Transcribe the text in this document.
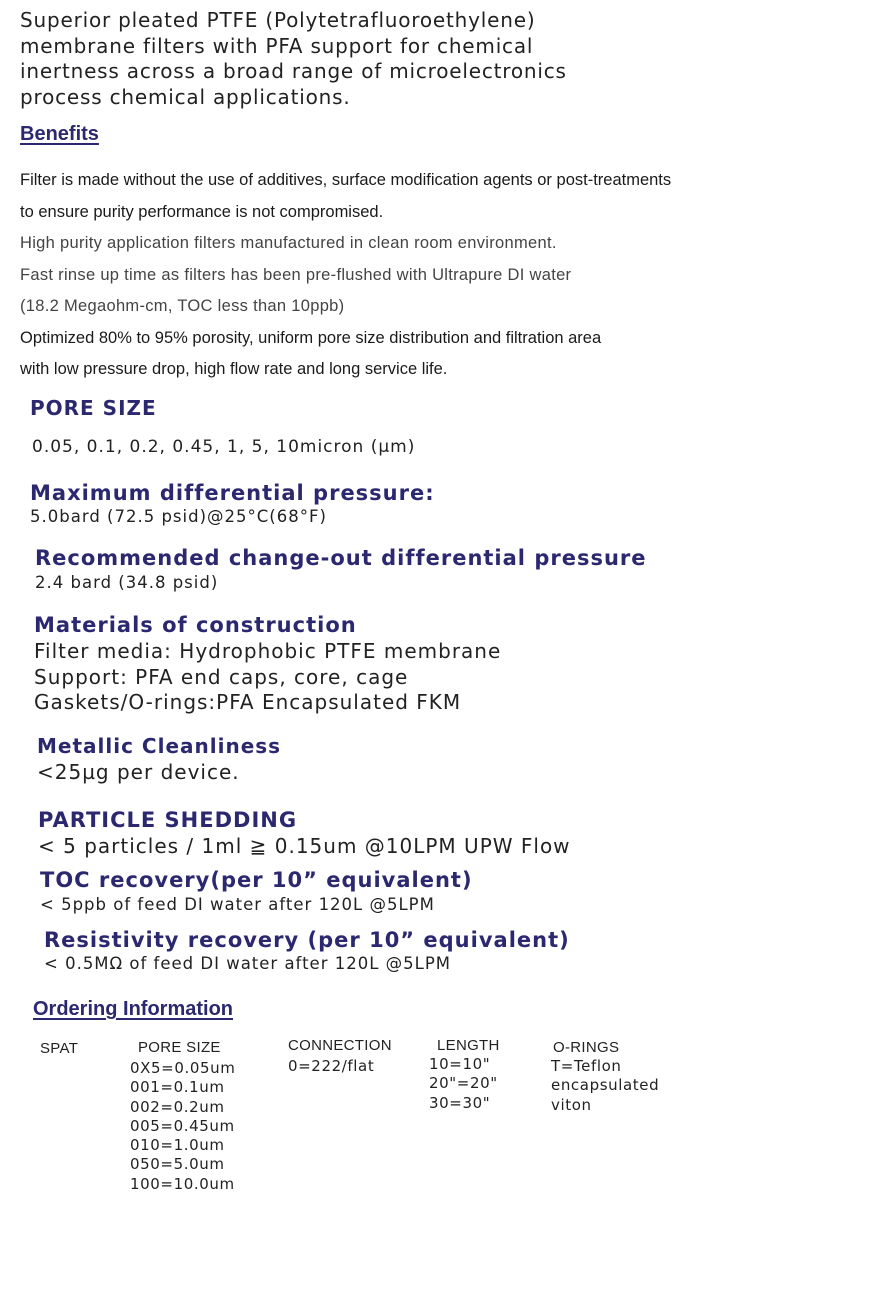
Superior pleated PTFE (Polytetrafluoroethylene)
membrane filters with PFA support for chemical
inertness across a broad range of microelectronics
process chemical applications.
Benefits
Filter is made without the use of additives, surface modification agents or post-treatments
to ensure purity performance is not compromised.
High purity application filters manufactured in clean room environment.
Fast rinse up time as filters has been pre-flushed with Ultrapure DI water
(18.2 Megaohm-cm, TOC less than 10ppb)
Optimized 80% to 95% porosity, uniform pore size distribution and filtration area
with low pressure drop, high flow rate and long service life.
PORE SIZE
0.05, 0.1, 0.2, 0.45, 1, 5, 10micron (µm)
Maximum differential pressure:
5.0bard (72.5 psid)@25°C(68°F)
Recommended change-out differential pressure
2.4 bard (34.8 psid)
Materials of construction
Filter media: Hydrophobic PTFE membrane
Support: PFA end caps, core, cage
Gaskets/O-rings:PFA Encapsulated FKM
Metallic Cleanliness
<25µg per device.
PARTICLE SHEDDING
< 5 particles / 1ml ≧ 0.15um @10LPM UPW Flow
TOC recovery(per 10” equivalent)
< 5ppb of feed DI water after 120L @5LPM
Resistivity recovery (per 10” equivalent)
< 0.5MΩ of feed DI water after 120L @5LPM
Ordering Information
SPAT	PORE SIZE
0X5=0.05um
001=0.1um
002=0.2um
005=0.45um
010=1.0um
050=5.0um
100=10.0um
CONNECTION
0=222/flat
LENGTH
10=10"
20"=20"
30=30"
O-RINGS
T=Teflon
encapsulated
viton
